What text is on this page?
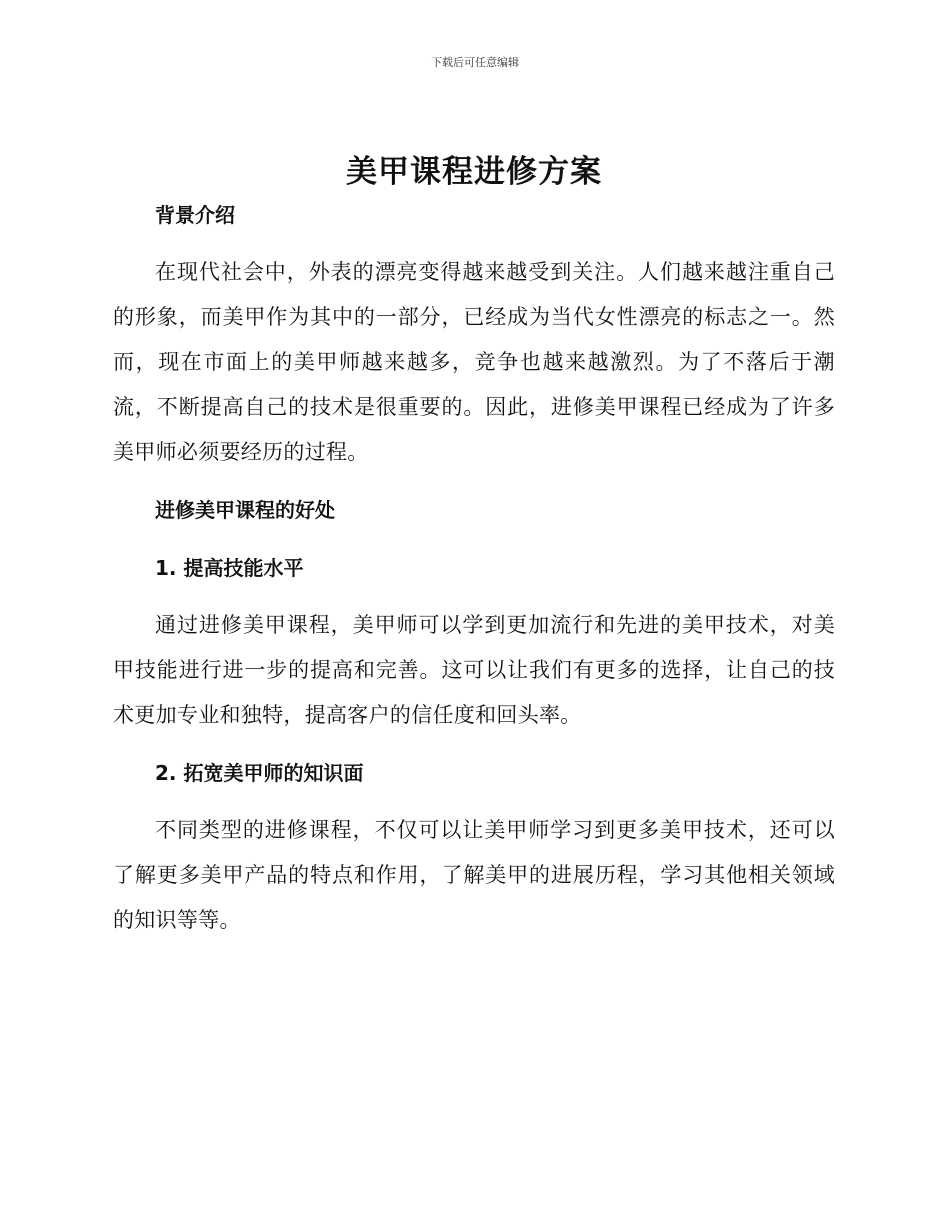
下载后可任意编辑
美甲课程进修方案

背景介绍

在现代社会中，外表的漂亮变得越来越受到关注。人们越来越注重自己的形象，而美甲作为其中的一部分，已经成为当代女性漂亮的标志之一。然而，现在市面上的美甲师越来越多，竞争也越来越激烈。为了不落后于潮流，不断提高自己的技术是很重要的。因此，进修美甲课程已经成为了许多美甲师必须要经历的过程。

进修美甲课程的好处

1. 提高技能水平

通过进修美甲课程，美甲师可以学到更加流行和先进的美甲技术，对美甲技能进行进一步的提高和完善。这可以让我们有更多的选择，让自己的技术更加专业和独特，提高客户的信任度和回头率。

2. 拓宽美甲师的知识面

不同类型的进修课程，不仅可以让美甲师学习到更多美甲技术，还可以了解更多美甲产品的特点和作用，了解美甲的进展历程，学习其他相关领域的知识等等。
